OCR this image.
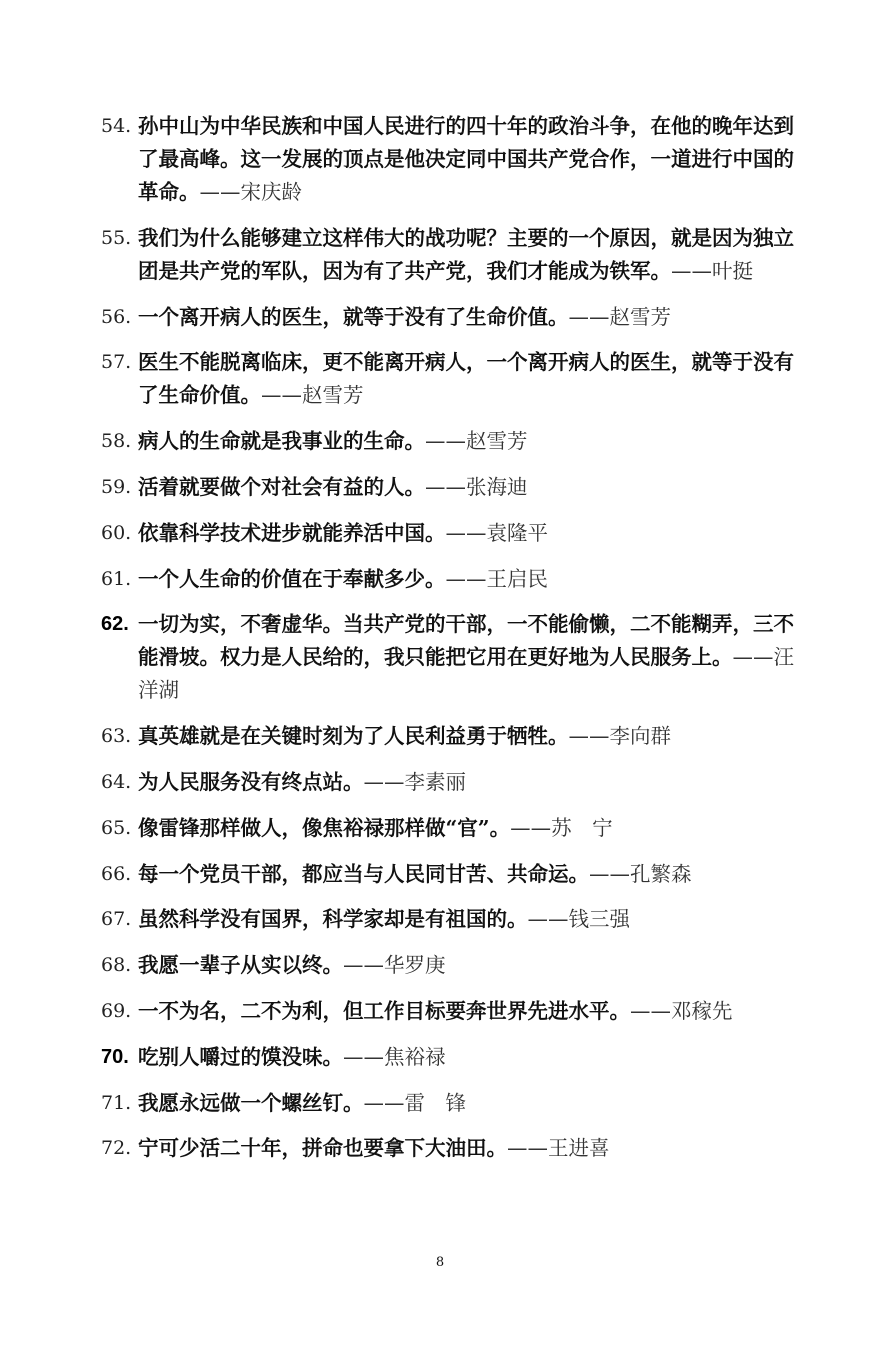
54. 孙中山为中华民族和中国人民进行的四十年的政治斗争，在他的晚年达到了最高峰。这一发展的顶点是他决定同中国共产党合作，一道进行中国的革命。——宋庆龄
55. 我们为什么能够建立这样伟大的战功呢？主要的一个原因，就是因为独立团是共产党的军队，因为有了共产党，我们才能成为铁军。——叶挺
56. 一个离开病人的医生，就等于没有了生命价值。——赵雪芳
57. 医生不能脱离临床，更不能离开病人，一个离开病人的医生，就等于没有了生命价值。——赵雪芳
58. 病人的生命就是我事业的生命。——赵雪芳
59. 活着就要做个对社会有益的人。——张海迪
60. 依靠科学技术进步就能养活中国。——袁隆平
61. 一个人生命的价值在于奉献多少。——王启民
62. 一切为实，不奢虚华。当共产党的干部，一不能偷懒，二不能糊弄，三不能滑坡。权力是人民给的，我只能把它用在更好地为人民服务上。——汪洋湖
63. 真英雄就是在关键时刻为了人民利益勇于牺牲。——李向群
64. 为人民服务没有终点站。——李素丽
65. 像雷锋那样做人，像焦裕禄那样做“官”。——苏　宁
66. 每一个党员干部，都应当与人民同甘苦、共命运。——孔繁森
67. 虽然科学没有国界，科学家却是有祖国的。——钱三强
68. 我愿一辈子从实以终。——华罗庚
69. 一不为名，二不为利，但工作目标要奔世界先进水平。——邓稼先
70. 吃别人嚼过的馍没味。——焦裕禄
71. 我愿永远做一个螺丝钉。——雷　锋
72. 宁可少活二十年，拼命也要拿下大油田。——王进喜
8
